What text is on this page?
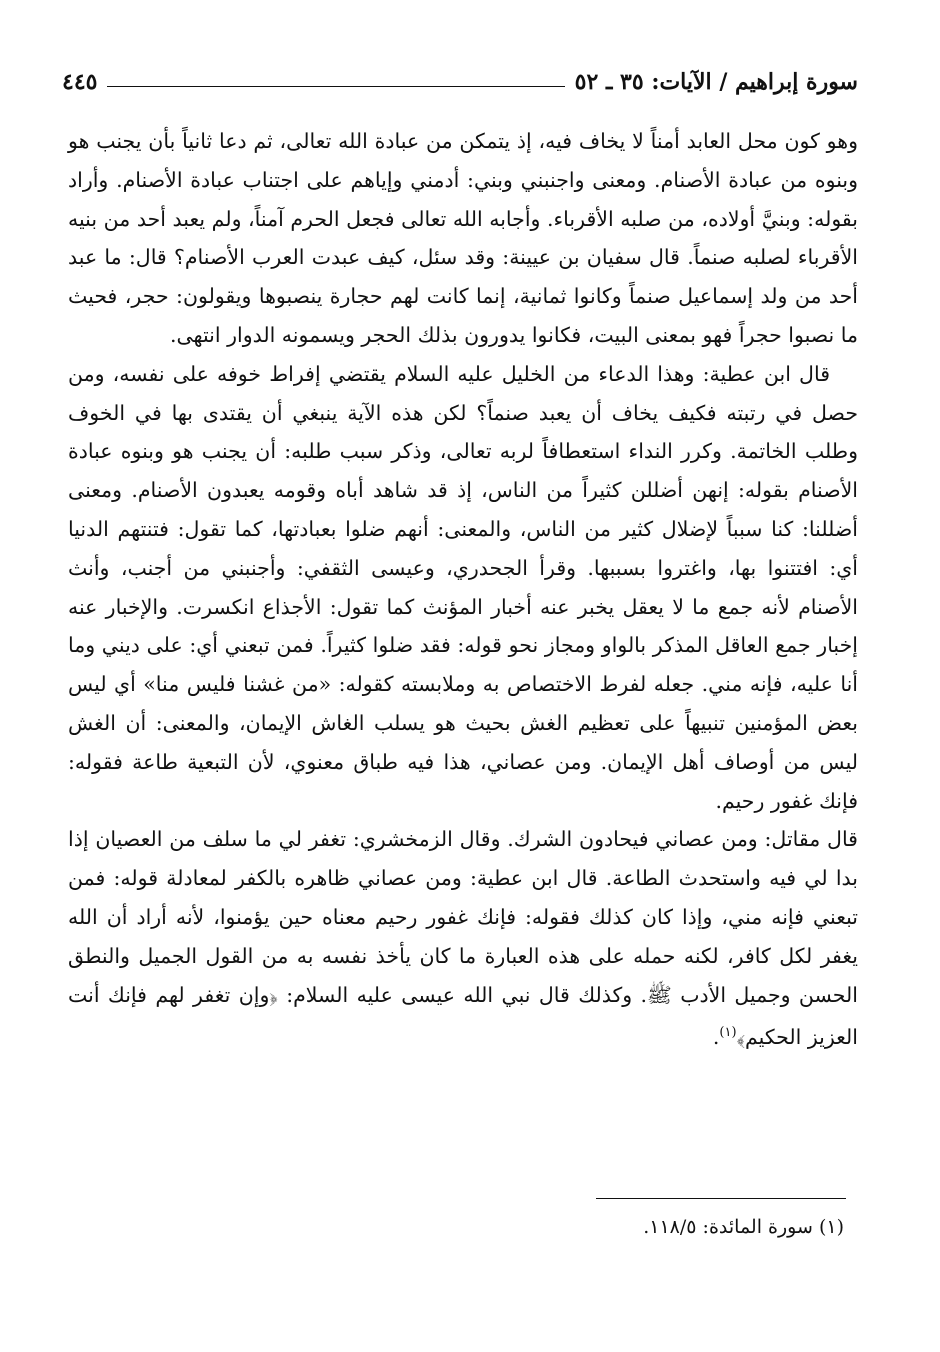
سورة إبراهيم / الآيات: ٣٥ ـ ٥٢
٤٤٥

وهو كون محل العابد أمناً لا يخاف فيه، إذ يتمكن من عبادة الله تعالى، ثم دعا ثانياً بأن يجنب هو وبنوه من عبادة الأصنام. ومعنى واجنبني وبني: أدمني وإياهم على اجتناب عبادة الأصنام. وأراد بقوله: وبنيَّ أولاده، من صلبه الأقرباء. وأجابه الله تعالى فجعل الحرم آمناً، ولم يعبد أحد من بنيه الأقرباء لصلبه صنماً. قال سفيان بن عيينة: وقد سئل، كيف عبدت العرب الأصنام؟ قال: ما عبد أحد من ولد إسماعيل صنماً وكانوا ثمانية، إنما كانت لهم حجارة ينصبوها ويقولون: حجر، فحيث ما نصبوا حجراً فهو بمعنى البيت، فكانوا يدورون بذلك الحجر ويسمونه الدوار انتهى.

قال ابن عطية: وهذا الدعاء من الخليل عليه السلام يقتضي إفراط خوفه على نفسه، ومن حصل في رتبته فكيف يخاف أن يعبد صنماً؟ لكن هذه الآية ينبغي أن يقتدى بها في الخوف وطلب الخاتمة. وكرر النداء استعطافاً لربه تعالى، وذكر سبب طلبه: أن يجنب هو وبنوه عبادة الأصنام بقوله: إنهن أضللن كثيراً من الناس، إذ قد شاهد أباه وقومه يعبدون الأصنام. ومعنى أضللنا: كنا سبباً لإضلال كثير من الناس، والمعنى: أنهم ضلوا بعبادتها، كما تقول: فتنتهم الدنيا أي: افتتنوا بها، واغتروا بسببها. وقرأ الجحدري، وعيسى الثقفي: وأجنبني من أجنب، وأنث الأصنام لأنه جمع ما لا يعقل يخبر عنه أخبار المؤنث كما تقول: الأجذاع انكسرت. والإخبار عنه إخبار جمع العاقل المذكر بالواو ومجاز نحو قوله: فقد ضلوا كثيراً. فمن تبعني أي: على ديني وما أنا عليه، فإنه مني. جعله لفرط الاختصاص به وملابسته كقوله: «من غشنا فليس منا» أي ليس بعض المؤمنين تنبيهاً على تعظيم الغش بحيث هو يسلب الغاش الإيمان، والمعنى: أن الغش ليس من أوصاف أهل الإيمان. ومن عصاني، هذا فيه طباق معنوي، لأن التبعية طاعة فقوله: فإنك غفور رحيم.

قال مقاتل: ومن عصاني فيحادون الشرك. وقال الزمخشري: تغفر لي ما سلف من العصيان إذا بدا لي فيه واستحدث الطاعة. قال ابن عطية: ومن عصاني ظاهره بالكفر لمعادلة قوله: فمن تبعني فإنه مني، وإذا كان كذلك فقوله: فإنك غفور رحيم معناه حين يؤمنوا، لأنه أراد أن الله يغفر لكل كافر، لكنه حمله على هذه العبارة ما كان يأخذ نفسه به من القول الجميل والنطق الحسن وجميل الأدب ﷺ. وكذلك قال نبي الله عيسى عليه السلام: ﴿وإن تغفر لهم فإنك أنت العزيز الحكيم﴾$^{(١)}$.

(١) سورة المائدة: ١١٨/٥.
